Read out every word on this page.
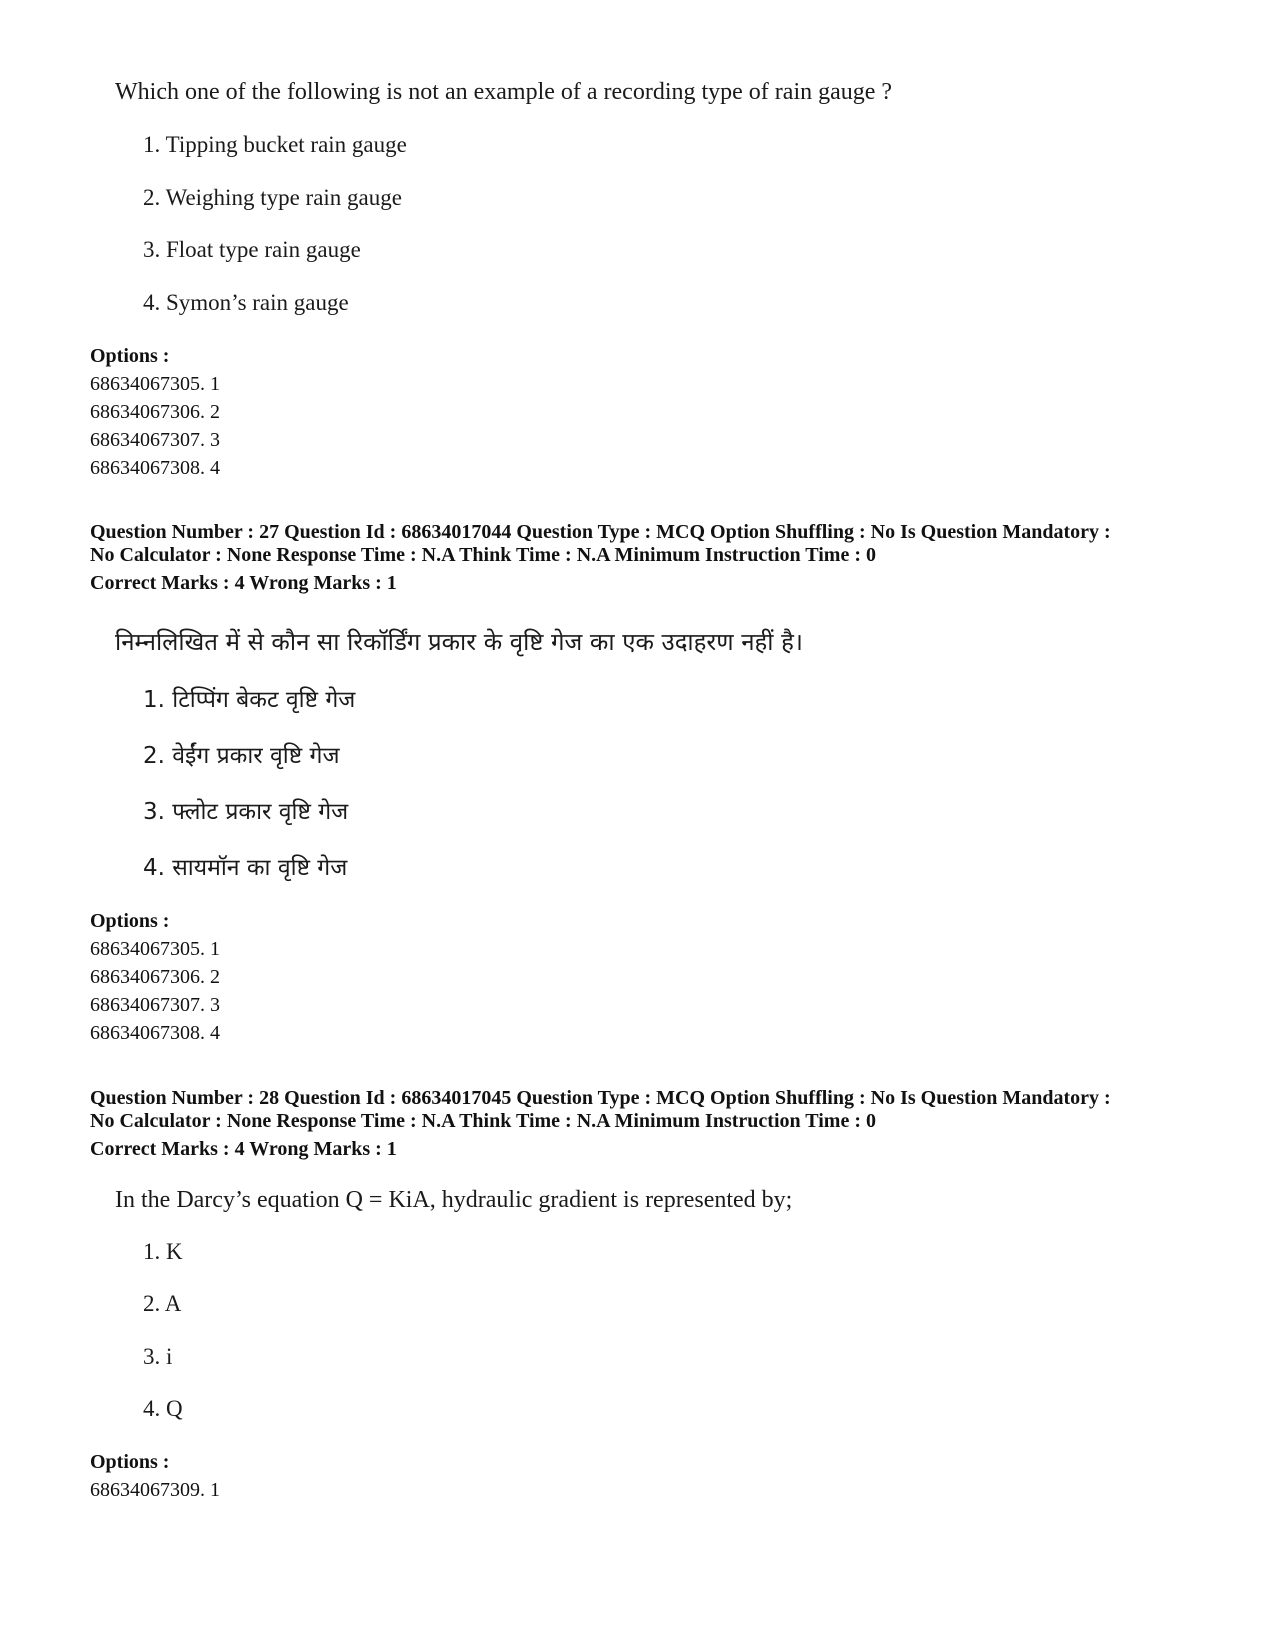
Which one of the following is not an example of a recording type of rain gauge ?
1. Tipping bucket rain gauge
2. Weighing type rain gauge
3. Float type rain gauge
4. Symon’s rain gauge
Options :
68634067305. 1
68634067306. 2
68634067307. 3
68634067308. 4
Question Number : 27 Question Id : 68634017044 Question Type : MCQ Option Shuffling : No Is Question Mandatory :
No Calculator : None Response Time : N.A Think Time : N.A Minimum Instruction Time : 0
Correct Marks : 4 Wrong Marks : 1
निम्नलिखित में से कौन सा रिकॉर्डिंग प्रकार के वृष्टि गेज का एक उदाहरण नहीं है।
1. टिप्पिंग बेकट वृष्टि गेज
2. वेईंग प्रकार वृष्टि गेज
3. फ्लोट प्रकार वृष्टि गेज
4. सायमॉन का वृष्टि गेज
Options :
68634067305. 1
68634067306. 2
68634067307. 3
68634067308. 4
Question Number : 28 Question Id : 68634017045 Question Type : MCQ Option Shuffling : No Is Question Mandatory :
No Calculator : None Response Time : N.A Think Time : N.A Minimum Instruction Time : 0
Correct Marks : 4 Wrong Marks : 1
In the Darcy’s equation Q = KiA, hydraulic gradient is represented by;
1. K
2. A
3. i
4. Q
Options :
68634067309. 1
